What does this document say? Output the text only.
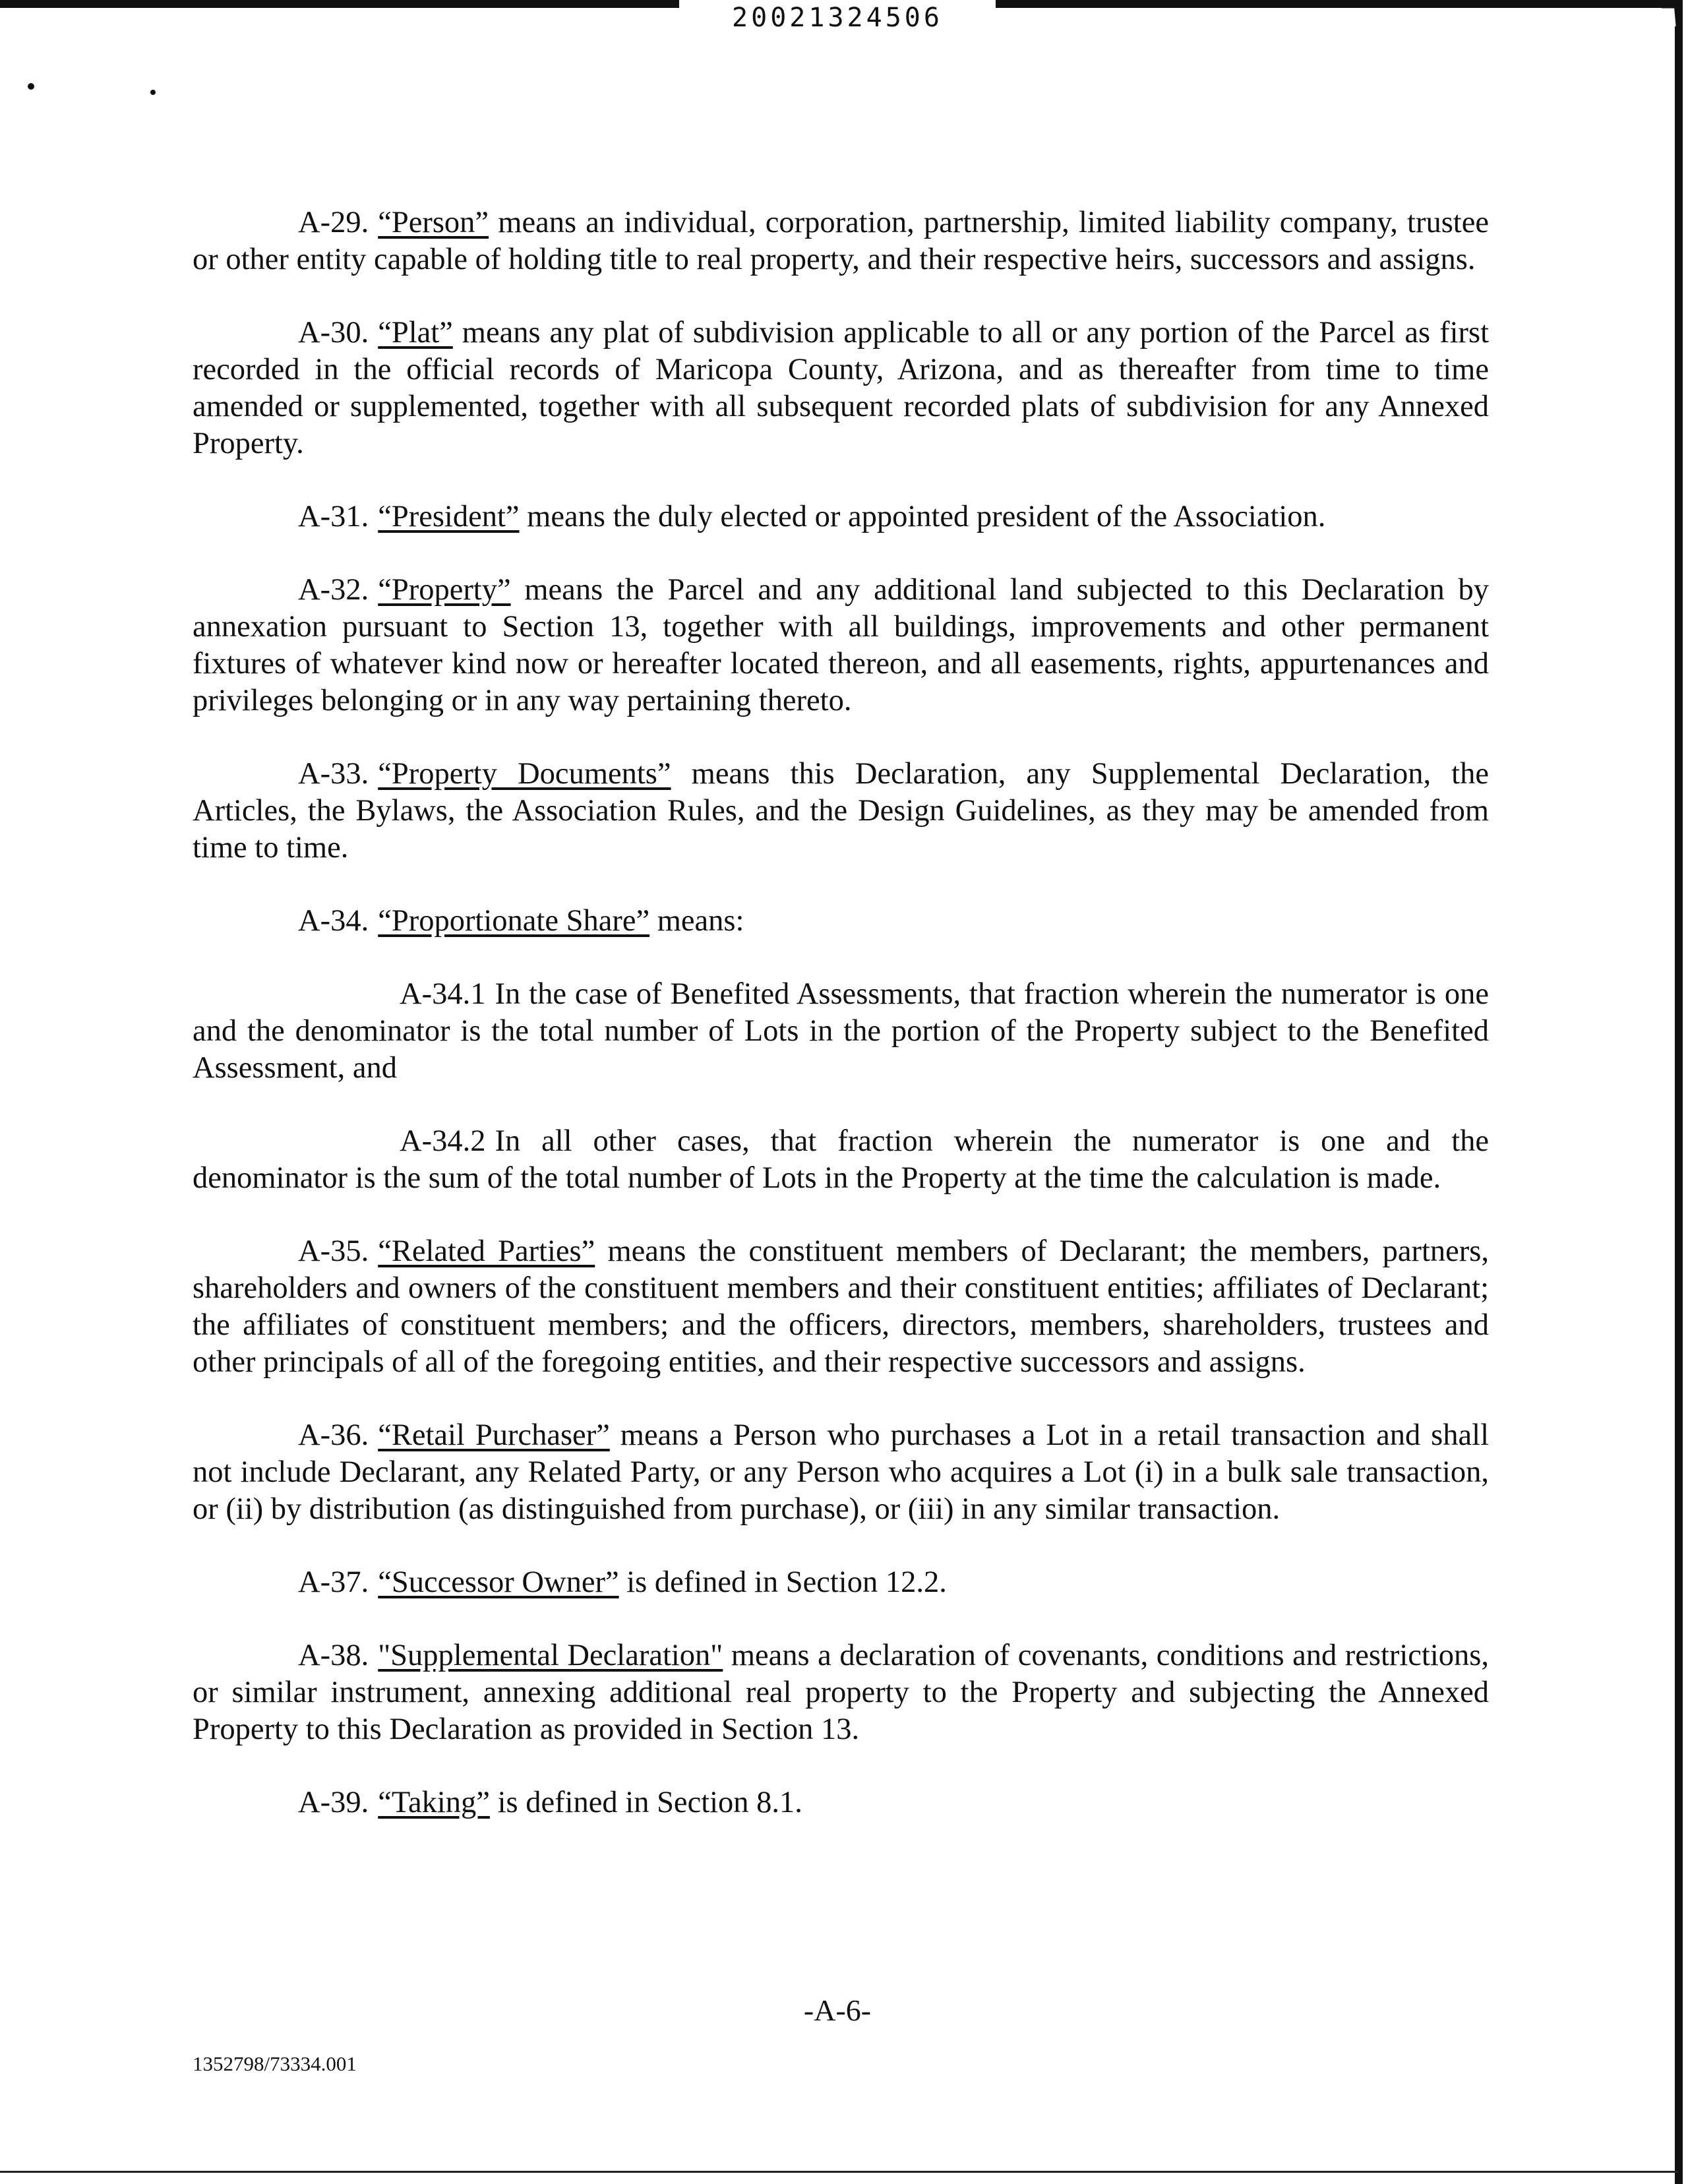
20021324506

A-29. “Person” means an individual, corporation, partnership, limited liability company, trustee or other entity capable of holding title to real property, and their respective heirs, successors and assigns.

A-30. “Plat” means any plat of subdivision applicable to all or any portion of the Parcel as first recorded in the official records of Maricopa County, Arizona, and as thereafter from time to time amended or supplemented, together with all subsequent recorded plats of subdivision for any Annexed Property.

A-31. “President” means the duly elected or appointed president of the Association.

A-32. “Property” means the Parcel and any additional land subjected to this Declaration by annexation pursuant to Section 13, together with all buildings, improvements and other permanent fixtures of whatever kind now or hereafter located thereon, and all easements, rights, appurtenances and privileges belonging or in any way pertaining thereto.

A-33. “Property Documents” means this Declaration, any Supplemental Declaration, the Articles, the Bylaws, the Association Rules, and the Design Guidelines, as they may be amended from time to time.

A-34. “Proportionate Share” means:

A-34.1 In the case of Benefited Assessments, that fraction wherein the numerator is one and the denominator is the total number of Lots in the portion of the Property subject to the Benefited Assessment, and

A-34.2 In all other cases, that fraction wherein the numerator is one and the denominator is the sum of the total number of Lots in the Property at the time the calculation is made.

A-35. “Related Parties” means the constituent members of Declarant; the members, partners, shareholders and owners of the constituent members and their constituent entities; affiliates of Declarant; the affiliates of constituent members; and the officers, directors, members, shareholders, trustees and other principals of all of the foregoing entities, and their respective successors and assigns.

A-36. “Retail Purchaser” means a Person who purchases a Lot in a retail transaction and shall not include Declarant, any Related Party, or any Person who acquires a Lot (i) in a bulk sale transaction, or (ii) by distribution (as distinguished from purchase), or (iii) in any similar transaction.

A-37. “Successor Owner” is defined in Section 12.2.

A-38. "Supplemental Declaration" means a declaration of covenants, conditions and restrictions, or similar instrument, annexing additional real property to the Property and subjecting the Annexed Property to this Declaration as provided in Section 13.

A-39. “Taking” is defined in Section 8.1.

-A-6-
1352798/73334.001
